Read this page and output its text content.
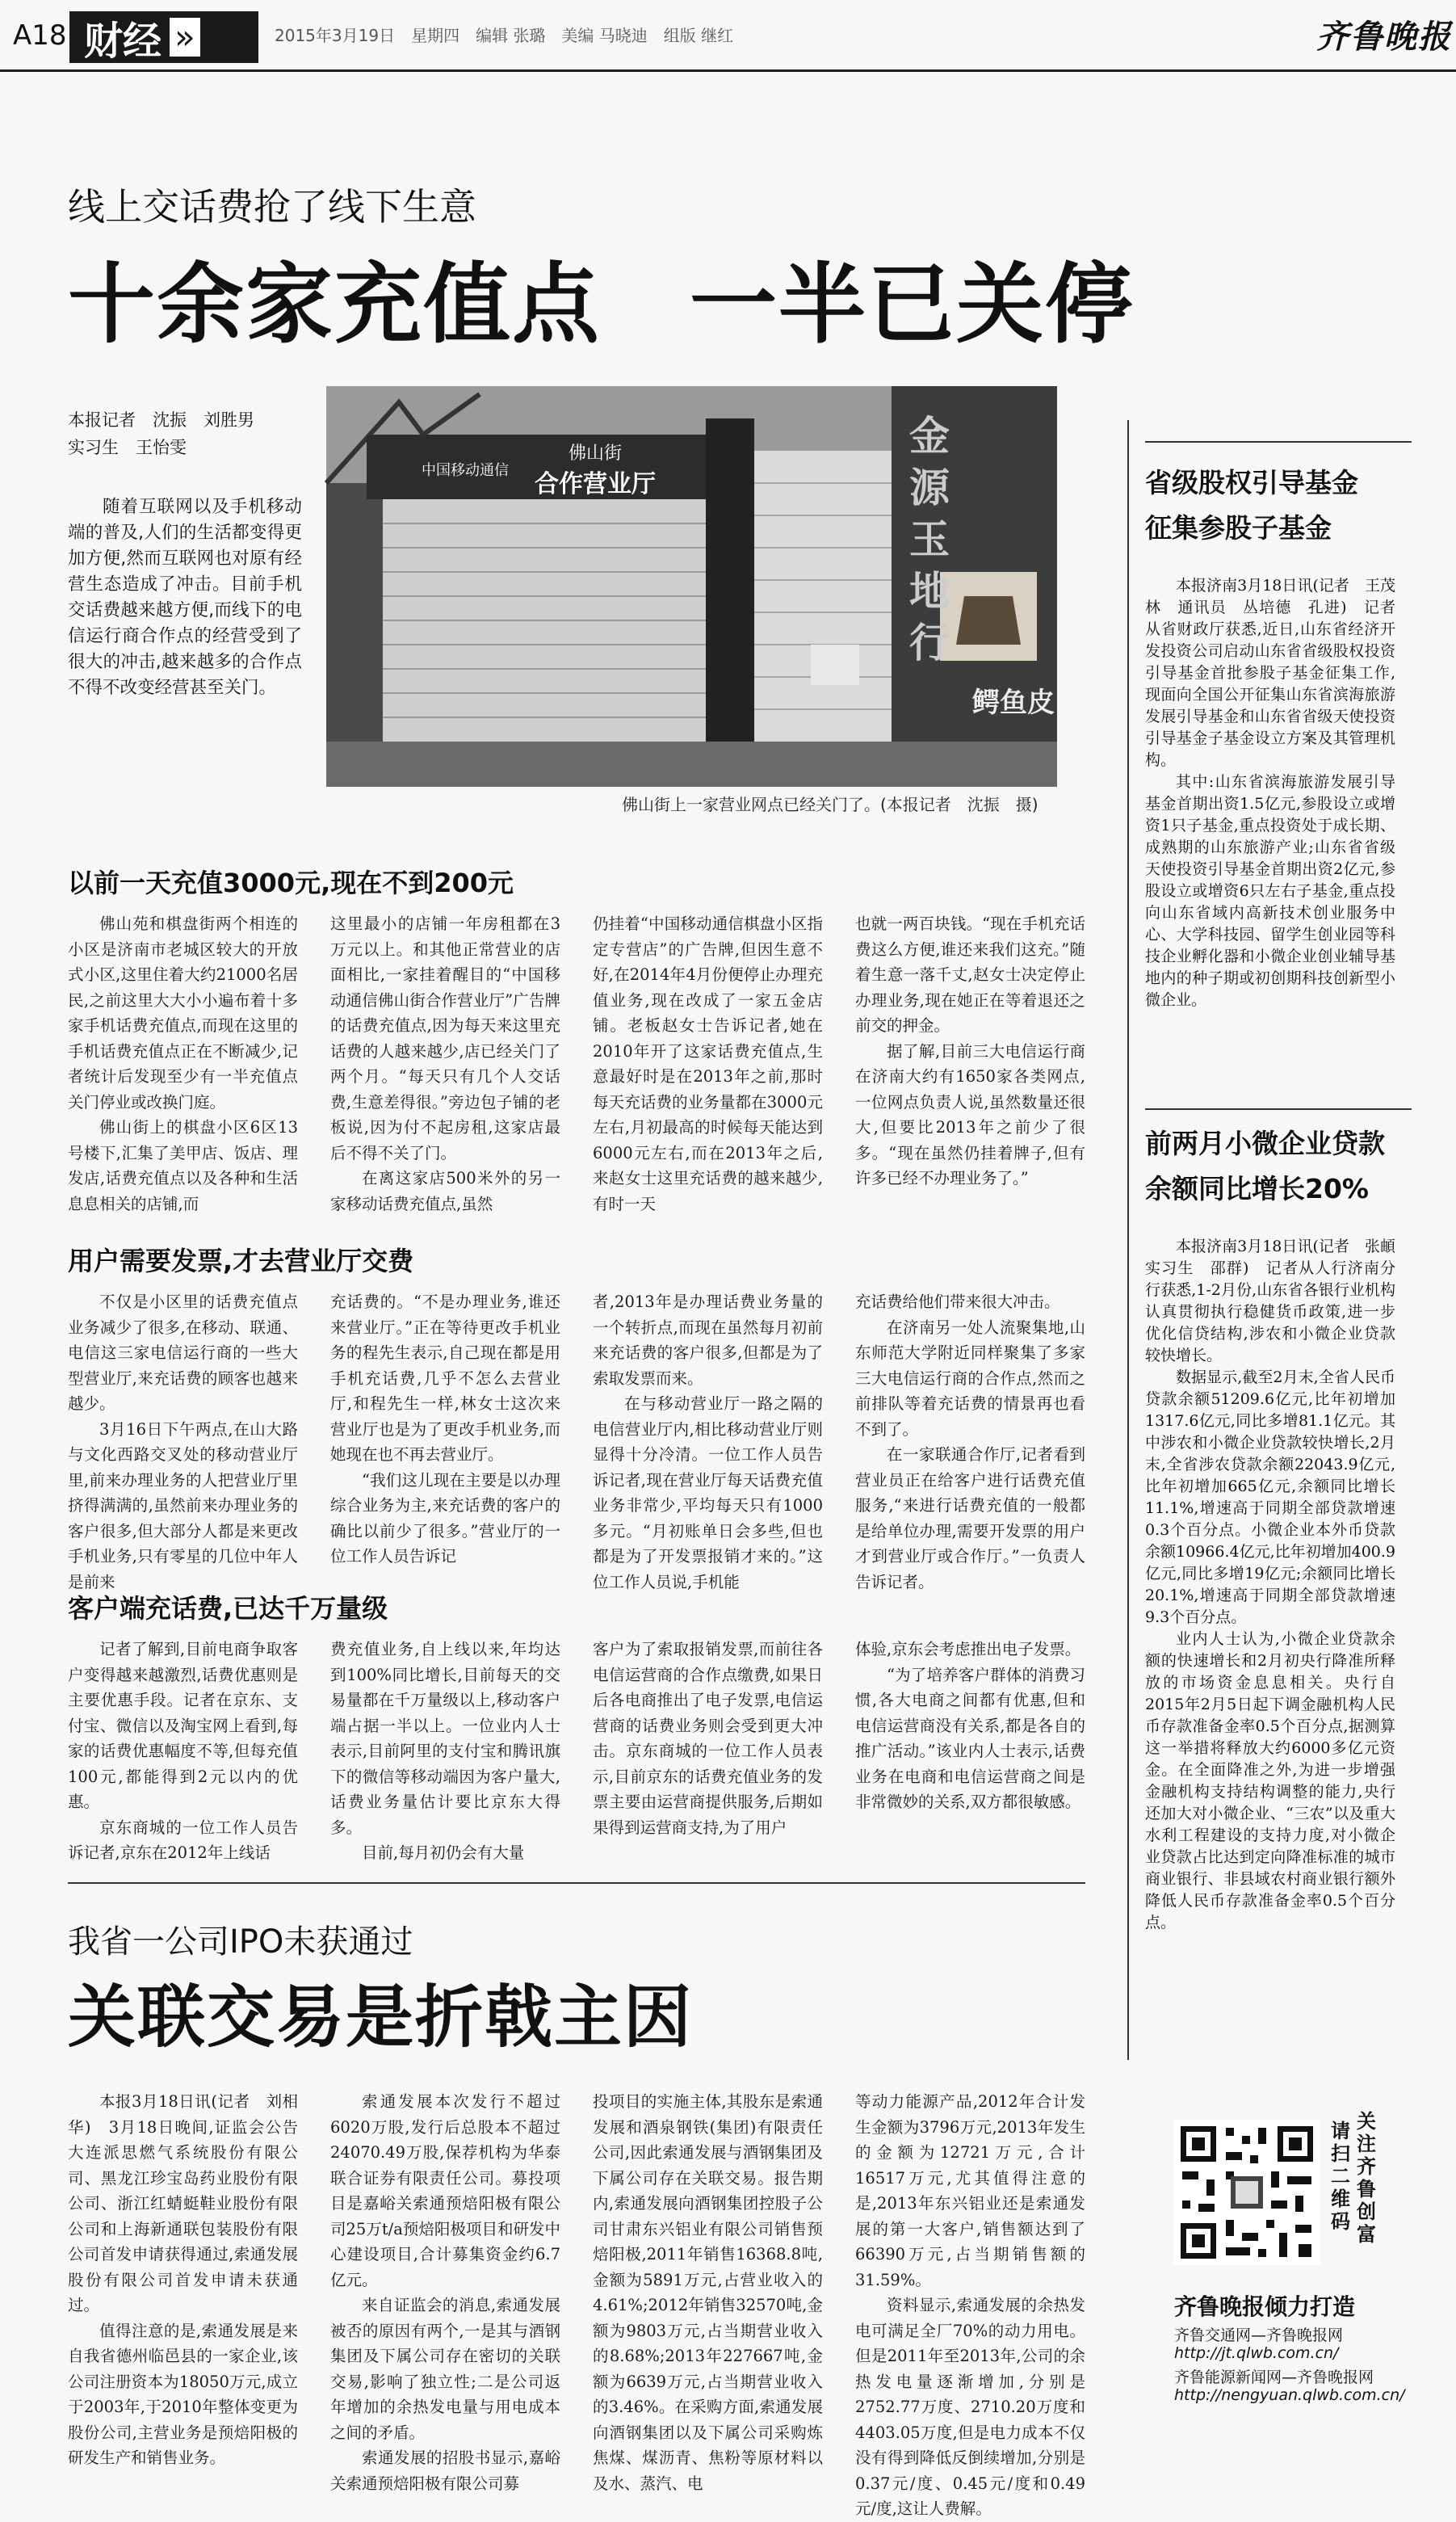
A18 财经 »	2015年3月19日　星期四　编辑 张璐　美编 马晓迪　组版 继红	齐鲁晚报
线上交话费抢了线下生意
十余家充值点　一半已关停
本报记者　沈振　刘胜男
实习生　王怡雯
随着互联网以及手机移动端的普及,人们的生活都变得更加方便,然而互联网也对原有经营生态造成了冲击。目前手机交话费越来越方便,而线下的电信运行商合作点的经营受到了很大的冲击,越来越多的合作点不得不改变经营甚至关门。
中国移动通信 合作营业厅
佛山街	金源玉地行
鳄鱼皮
佛山街上一家营业网点已经关门了。(本报记者　沈振　摄)
以前一天充值3000元,现在不到200元

佛山苑和棋盘街两个相连的小区是济南市老城区较大的开放式小区,这里住着大约21000名居民,之前这里大大小小遍布着十多家手机话费充值点,而现在这里的手机话费充值点正在不断减少,记者统计后发现至少有一半充值点关门停业或改换门庭。

佛山街上的棋盘小区6区13号楼下,汇集了美甲店、饭店、理发店,话费充值点以及各种和生活息息相关的店铺,而

这里最小的店铺一年房租都在3万元以上。和其他正常营业的店面相比,一家挂着醒目的“中国移动通信佛山街合作营业厅”广告牌的话费充值点,因为每天来这里充话费的人越来越少,店已经关门了两个月。“每天只有几个人交话费,生意差得很。”旁边包子铺的老板说,因为付不起房租,这家店最后不得不关了门。

在离这家店500米外的另一家移动话费充值点,虽然

仍挂着“中国移动通信棋盘小区指定专营店”的广告牌,但因生意不好,在2014年4月份便停止办理充值业务,现在改成了一家五金店铺。老板赵女士告诉记者,她在2010年开了这家话费充值点,生意最好时是在2013年之前,那时每天充话费的业务量都在3000元左右,月初最高的时候每天能达到6000元左右,而在2013年之后,来赵女士这里充话费的越来越少,有时一天

也就一两百块钱。“现在手机充话费这么方便,谁还来我们这充。”随着生意一落千丈,赵女士决定停止办理业务,现在她正在等着退还之前交的押金。

据了解,目前三大电信运行商在济南大约有1650家各类网点,一位网点负责人说,虽然数量还很大,但要比2013年之前少了很多。“现在虽然仍挂着牌子,但有许多已经不办理业务了。”

用户需要发票,才去营业厅交费

不仅是小区里的话费充值点业务减少了很多,在移动、联通、电信这三家电信运行商的一些大型营业厅,来充话费的顾客也越来越少。

3月16日下午两点,在山大路与文化西路交叉处的移动营业厅里,前来办理业务的人把营业厅里挤得满满的,虽然前来办理业务的客户很多,但大部分人都是来更改手机业务,只有零星的几位中年人是前来

充话费的。“不是办理业务,谁还来营业厅。”正在等待更改手机业务的程先生表示,自己现在都是用手机充话费,几乎不怎么去营业厅,和程先生一样,林女士这次来营业厅也是为了更改手机业务,而她现在也不再去营业厅。

“我们这儿现在主要是以办理综合业务为主,来充话费的客户的确比以前少了很多。”营业厅的一位工作人员告诉记

者,2013年是办理话费业务量的一个转折点,而现在虽然每月初前来充话费的客户很多,但都是为了索取发票而来。

在与移动营业厅一路之隔的电信营业厅内,相比移动营业厅则显得十分冷清。一位工作人员告诉记者,现在营业厅每天话费充值业务非常少,平均每天只有1000多元。“月初账单日会多些,但也都是为了开发票报销才来的。”这位工作人员说,手机能

充话费给他们带来很大冲击。

在济南另一处人流聚集地,山东师范大学附近同样聚集了多家三大电信运行商的合作点,然而之前排队等着充话费的情景再也看不到了。

在一家联通合作厅,记者看到营业员正在给客户进行话费充值服务,“来进行话费充值的一般都是给单位办理,需要开发票的用户才到营业厅或合作厅。”一负责人告诉记者。

客户端充话费,已达千万量级

记者了解到,目前电商争取客户变得越来越激烈,话费优惠则是主要优惠手段。记者在京东、支付宝、微信以及淘宝网上看到,每家的话费优惠幅度不等,但每充值100元,都能得到2元以内的优惠。

京东商城的一位工作人员告诉记者,京东在2012年上线话

费充值业务,自上线以来,年均达到100%同比增长,目前每天的交易量都在千万量级以上,移动客户端占据一半以上。一位业内人士表示,目前阿里的支付宝和腾讯旗下的微信等移动端因为客户量大,话费业务量估计要比京东大得多。

目前,每月初仍会有大量

客户为了索取报销发票,而前往各电信运营商的合作点缴费,如果日后各电商推出了电子发票,电信运营商的话费业务则会受到更大冲击。京东商城的一位工作人员表示,目前京东的话费充值业务的发票主要由运营商提供服务,后期如果得到运营商支持,为了用户

体验,京东会考虑推出电子发票。

“为了培养客户群体的消费习惯,各大电商之间都有优惠,但和电信运营商没有关系,都是各自的推广活动。”该业内人士表示,话费业务在电商和电信运营商之间是非常微妙的关系,双方都很敏感。

我省一公司IPO未获通过
关联交易是折戟主因

本报3月18日讯(记者　刘相华)　3月18日晚间,证监会公告大连派思燃气系统股份有限公司、黑龙江珍宝岛药业股份有限公司、浙江红蜻蜓鞋业股份有限公司和上海新通联包装股份有限公司首发申请获得通过,索通发展股份有限公司首发申请未获通过。

值得注意的是,索通发展是来自我省德州临邑县的一家企业,该公司注册资本为18050万元,成立于2003年,于2010年整体变更为股份公司,主营业务是预焙阳极的研发生产和销售业务。

索通发展本次发行不超过6020万股,发行后总股本不超过24070.49万股,保荐机构为华泰联合证券有限责任公司。募投项目是嘉峪关索通预焙阳极有限公司25万t/a预焙阳极项目和研发中心建设项目,合计募集资金约6.7亿元。

来自证监会的消息,索通发展被否的原因有两个,一是其与酒钢集团及下属公司存在密切的关联交易,影响了独立性;二是公司返年增加的余热发电量与用电成本之间的矛盾。

索通发展的招股书显示,嘉峪关索通预焙阳极有限公司募

投项目的实施主体,其股东是索通发展和酒泉钢铁(集团)有限责任公司,因此索通发展与酒钢集团及下属公司存在关联交易。报告期内,索通发展向酒钢集团控股子公司甘肃东兴铝业有限公司销售预焙阳极,2011年销售16368.8吨,金额为5891万元,占营业收入的4.61%;2012年销售32570吨,金额为9803万元,占当期营业收入的8.68%;2013年227667吨,金额为6639万元,占当期营业收入的3.46%。在采购方面,索通发展向酒钢集团以及下属公司采购炼焦煤、煤沥青、焦粉等原材料以及水、蒸汽、电

等动力能源产品,2012年合计发生金额为3796万元,2013年发生的金额为12721万元,合计16517万元,尤其值得注意的是,2013年东兴铝业还是索通发展的第一大客户,销售额达到了66390万元,占当期销售额的31.59%。

资料显示,索通发展的余热发电可满足全厂70%的动力用电。但是2011年至2013年,公司的余热发电量逐渐增加,分别是2752.77万度、2710.20万度和4403.05万度,但是电力成本不仅没有得到降低反倒续增加,分别是0.37元/度、0.45元/度和0.49元/度,这让人费解。

省级股权引导基金
征集参股子基金

本报济南3月18日讯(记者　王茂林　通讯员　丛培德　孔进)　记者从省财政厅获悉,近日,山东省经济开发投资公司启动山东省省级股权投资引导基金首批参股子基金征集工作,现面向全国公开征集山东省滨海旅游发展引导基金和山东省省级天使投资引导基金子基金设立方案及其管理机构。

其中:山东省滨海旅游发展引导基金首期出资1.5亿元,参股设立或增资1只子基金,重点投资处于成长期、成熟期的山东旅游产业;山东省省级天使投资引导基金首期出资2亿元,参股设立或增资6只左右子基金,重点投向山东省域内高新技术创业服务中心、大学科技园、留学生创业园等科技企业孵化器和小微企业创业辅导基地内的种子期或初创期科技创新型小微企业。

前两月小微企业贷款
余额同比增长20%

本报济南3月18日讯(记者　张頔　实习生　邵群)　记者从人行济南分行获悉,1-2月份,山东省各银行业机构认真贯彻执行稳健货币政策,进一步优化信贷结构,涉农和小微企业贷款较快增长。

数据显示,截至2月末,全省人民币贷款余额51209.6亿元,比年初增加1317.6亿元,同比多增81.1亿元。其中涉农和小微企业贷款较快增长,2月末,全省涉农贷款余额22043.9亿元,比年初增加665亿元,余额同比增长11.1%,增速高于同期全部贷款增速0.3个百分点。小微企业本外币贷款余额10966.4亿元,比年初增加400.9亿元,同比多增19亿元;余额同比增长20.1%,增速高于同期全部贷款增速9.3个百分点。

业内人士认为,小微企业贷款余额的快速增长和2月初央行降准所释放的市场资金息息相关。央行自2015年2月5日起下调金融机构人民币存款准备金率0.5个百分点,据测算这一举措将释放大约6000多亿元资金。在全面降准之外,为进一步增强金融机构支持结构调整的能力,央行还加大对小微企业、“三农”以及重大水利工程建设的支持力度,对小微企业贷款占比达到定向降准标准的城市商业银行、非县域农村商业银行额外降低人民币存款准备金率0.5个百分点。

关注齐鲁创富
请扫二维码
齐鲁晚报倾力打造
齐鲁交通网—齐鲁晚报网
http://jt.qlwb.com.cn/
齐鲁能源新闻网—齐鲁晚报网
http://nengyuan.qlwb.com.cn/
